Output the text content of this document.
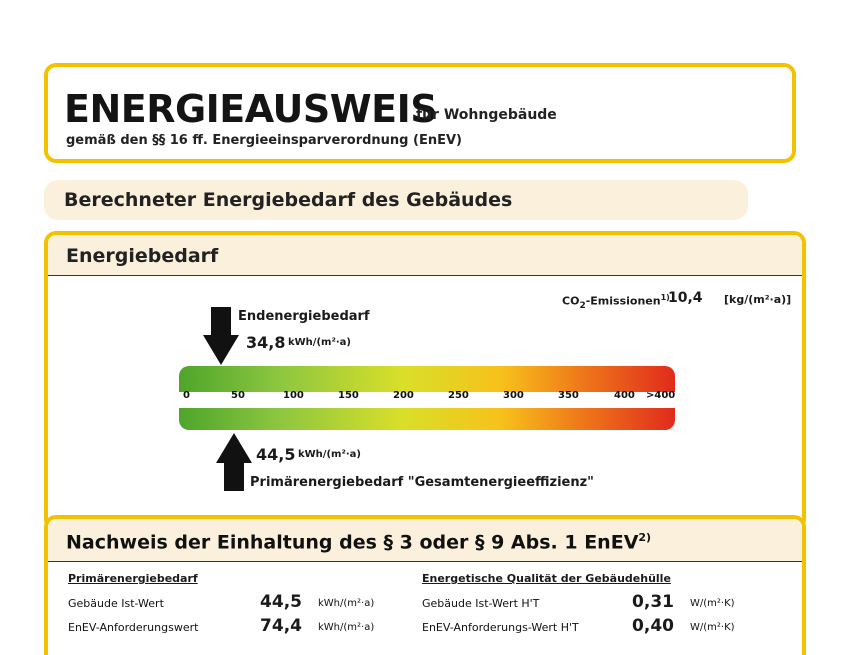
ENERGIEAUSWEIS
für Wohngebäude
gemäß den §§ 16 ff. Energieeinsparverordnung (EnEV)
Berechneter Energiebedarf des Gebäudes
Energiebedarf
$CO_2-Emissionen^{1)}$
10,4 [kg/(m²·a)]
Endenergiebedarf
34,8 kWh/(m²·a)
0	50	100	150	200	250	300	350	400 >400
44,5 kWh/(m²·a)
Primärenergiebedarf "Gesamtenergieeffizienz"
Nachweis der Einhaltung des § 3 oder § 9 Abs. 1 EnEV$^{2)}$
Primärenergiebedarf
Gebäude Ist-Wert	44,5 kWh/(m²·a)
EnEV-Anforderungswert	74,4 kWh/(m²·a)
Energetische Qualität der Gebäudehülle
Gebäude Ist-Wert H'T	0,31 W/(m²·K)
EnEV-Anforderungs-Wert H'T	0,40 W/(m²·K)
